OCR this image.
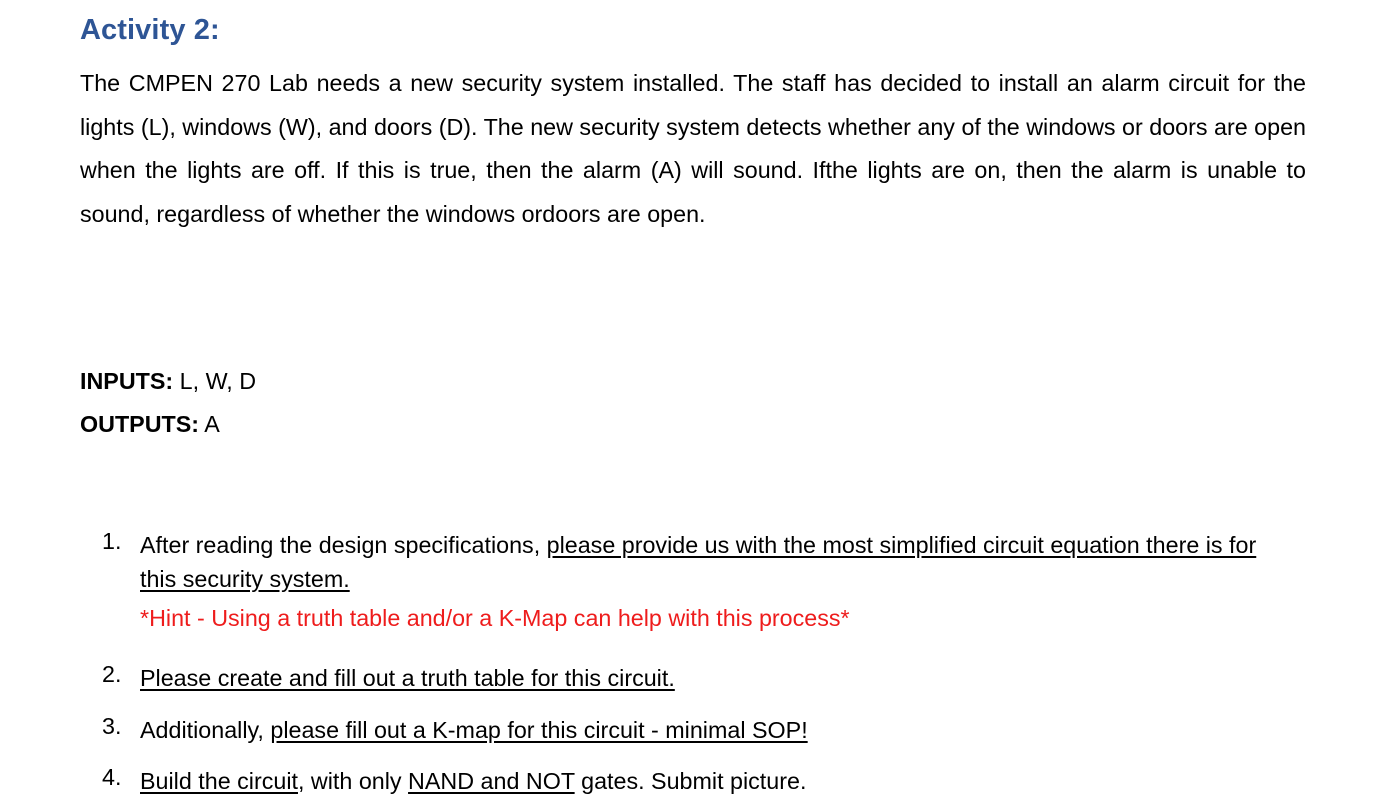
Activity 2:

The CMPEN 270 Lab needs a new security system installed. The staff has decided to install an alarm circuit for the lights (L), windows (W), and doors (D). The new security system detects whether any of the windows or doors are open when the lights are off. If this is true, then the alarm (A) will sound. Ifthe lights are on, then the alarm is unable to sound, regardless of whether the windows ordoors are open.

INPUTS: L, W, D

OUTPUTS: A

1. After reading the design specifications, please provide us with the most simplified circuit equation there is for this security system.

*Hint - Using a truth table and/or a K-Map can help with this process*

2. Please create and fill out a truth table for this circuit.
3. Additionally, please fill out a K-map for this circuit - minimal SOP!
4. Build the circuit, with only NAND and NOT gates. Submit picture.
